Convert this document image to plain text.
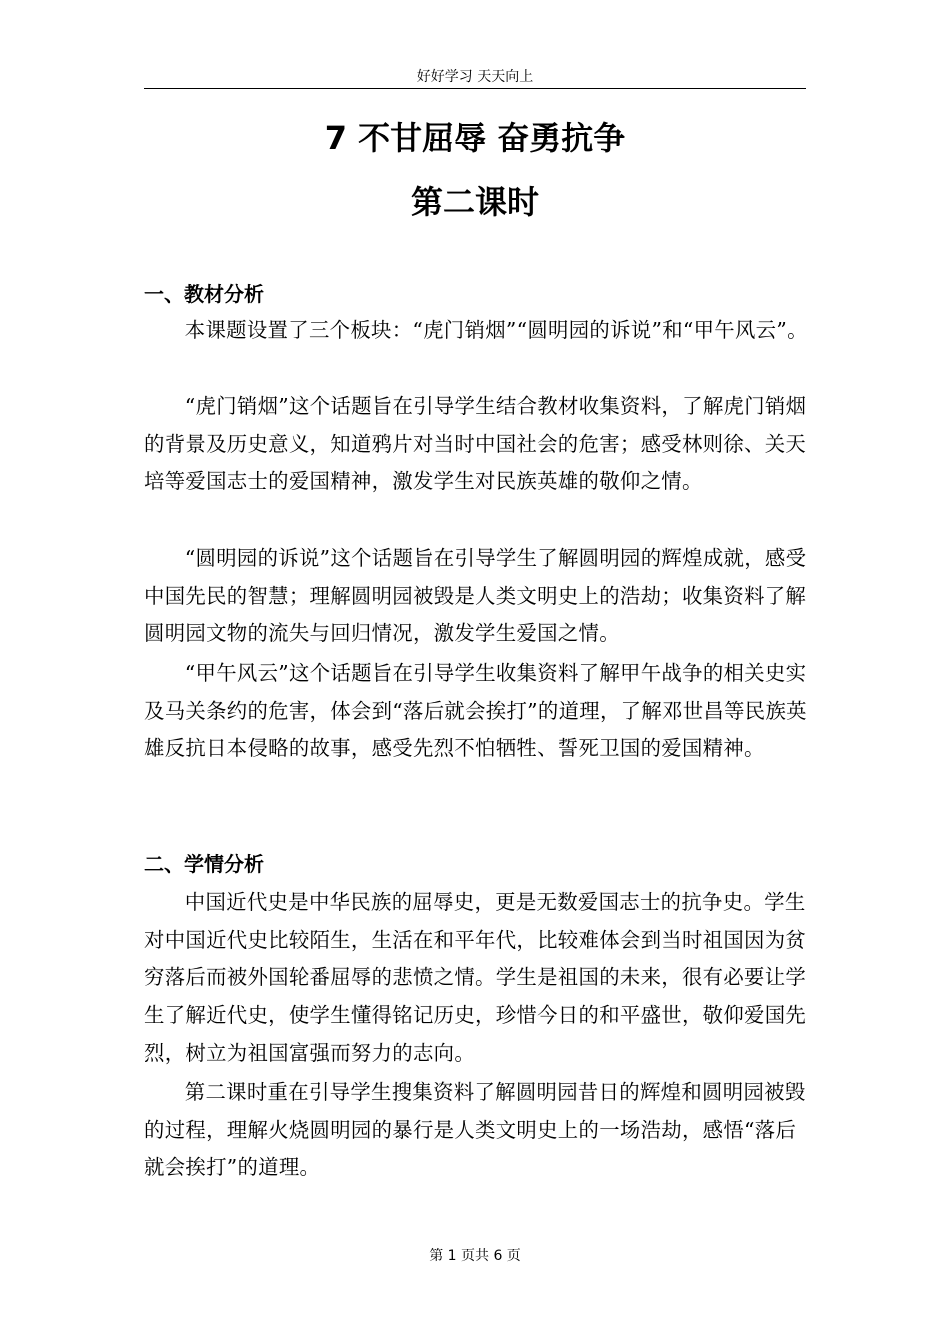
好好学习 天天向上
7 不甘屈辱 奋勇抗争
第二课时
一、教材分析

本课题设置了三个板块：“虎门销烟”“圆明园的诉说”和“甲午风云”。

“虎门销烟”这个话题旨在引导学生结合教材收集资料，了解虎门销烟的背景及历史意义，知道鸦片对当时中国社会的危害；感受林则徐、关天培等爱国志士的爱国精神，激发学生对民族英雄的敬仰之情。

“圆明园的诉说”这个话题旨在引导学生了解圆明园的辉煌成就，感受中国先民的智慧；理解圆明园被毁是人类文明史上的浩劫；收集资料了解圆明园文物的流失与回归情况，激发学生爱国之情。

“甲午风云”这个话题旨在引导学生收集资料了解甲午战争的相关史实及马关条约的危害，体会到“落后就会挨打”的道理，了解邓世昌等民族英雄反抗日本侵略的故事，感受先烈不怕牺牲、誓死卫国的爱国精神。

二、学情分析

中国近代史是中华民族的屈辱史，更是无数爱国志士的抗争史。学生对中国近代史比较陌生，生活在和平年代，比较难体会到当时祖国因为贫穷落后而被外国轮番屈辱的悲愤之情。学生是祖国的未来，很有必要让学生了解近代史，使学生懂得铭记历史，珍惜今日的和平盛世，敬仰爱国先烈，树立为祖国富强而努力的志向。

第二课时重在引导学生搜集资料了解圆明园昔日的辉煌和圆明园被毁的过程，理解火烧圆明园的暴行是人类文明史上的一场浩劫，感悟“落后就会挨打”的道理。

第 1 页共 6 页
